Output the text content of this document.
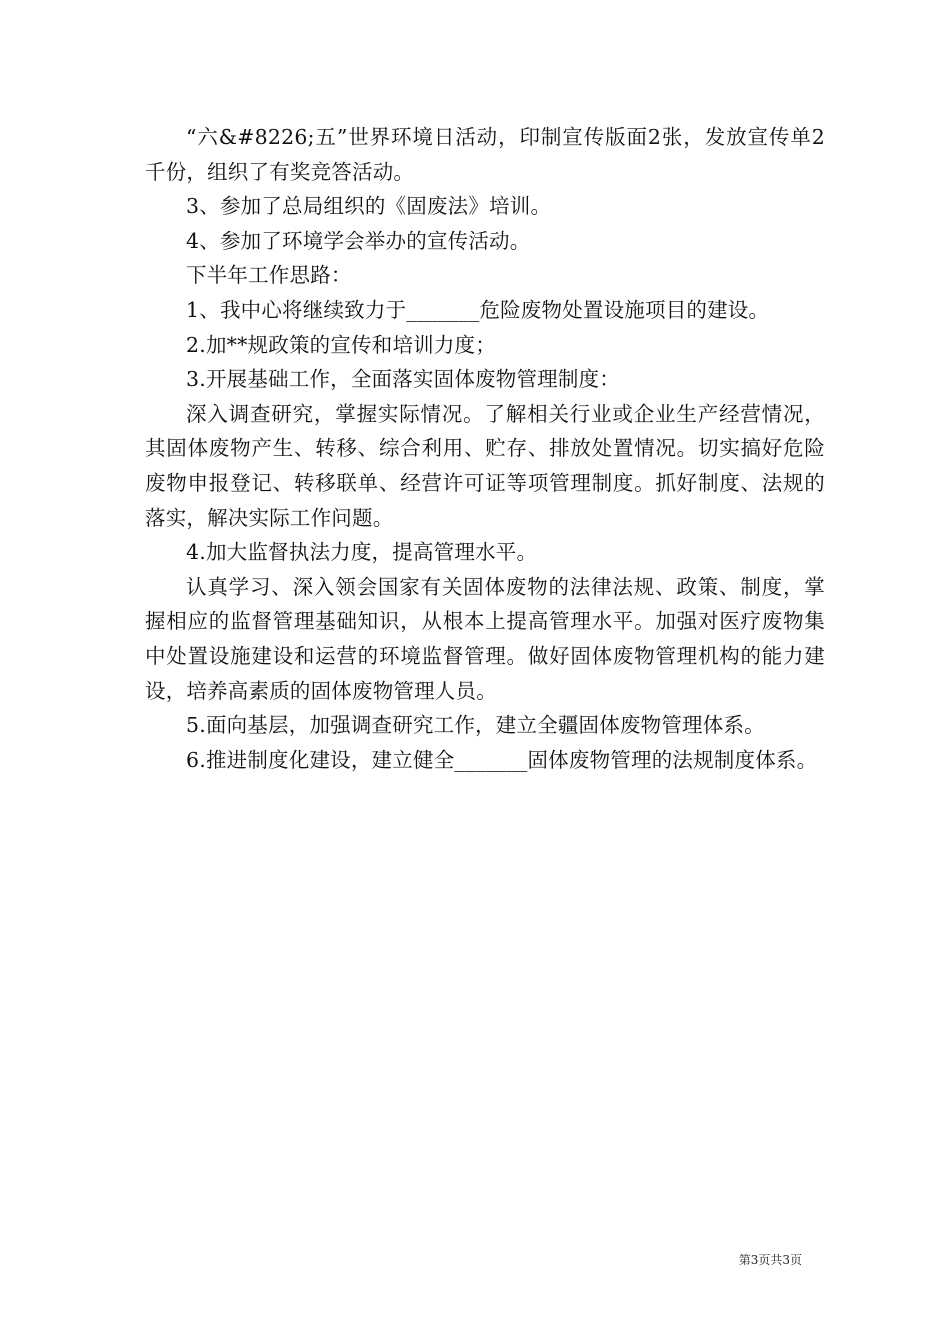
“六&#8226;五”世界环境日活动，印制宣传版面2张，发放宣传单2千份，组织了有奖竞答活动。

3、参加了总局组织的《固废法》培训。

4、参加了环境学会举办的宣传活动。

下半年工作思路：

1、我中心将继续致力于_______危险废物处置设施项目的建设。

2.加**规政策的宣传和培训力度；

3.开展基础工作，全面落实固体废物管理制度：

深入调查研究，掌握实际情况。了解相关行业或企业生产经营情况，其固体废物产生、转移、综合利用、贮存、排放处置情况。切实搞好危险废物申报登记、转移联单、经营许可证等项管理制度。抓好制度、法规的落实，解决实际工作问题。

4.加大监督执法力度，提高管理水平。

认真学习、深入领会国家有关固体废物的法律法规、政策、制度，掌握相应的监督管理基础知识，从根本上提高管理水平。加强对医疗废物集中处置设施建设和运营的环境监督管理。做好固体废物管理机构的能力建设，培养高素质的固体废物管理人员。

5.面向基层，加强调查研究工作，建立全疆固体废物管理体系。

6.推进制度化建设，建立健全_______固体废物管理的法规制度体系。

第3页共3页
